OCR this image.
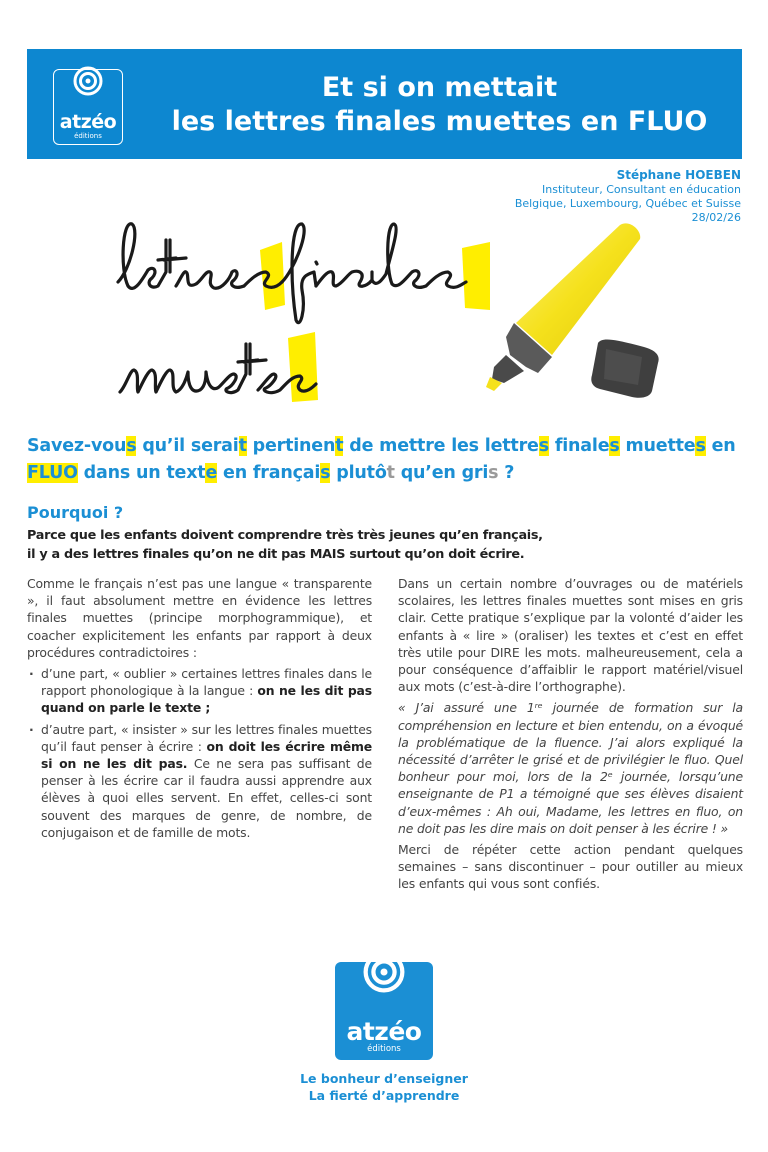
atzéo
éditions
Et si on mettait
les lettres finales muettes en FLUO
Stéphane HOEBEN
Instituteur, Consultant en éducation
Belgique, Luxembourg, Québec et Suisse
28/02/26
Savez-vous qu’il serait pertinent de mettre les lettres finales muettes en FLUO dans un texte en français plutôt qu’en gris ?
Pourquoi ?
Parce que les enfants doivent comprendre très très jeunes qu’en français,
il y a des lettres finales qu’on ne dit pas MAIS surtout qu’on doit écrire.

Comme le français n’est pas une langue « transparente », il faut absolument mettre en évidence les lettres finales muettes (principe morphogrammique), et coacher explicitement les enfants par rapport à deux procédures contradictoires :

· d’une part, « oublier » certaines lettres finales dans le rapport phonologique à la langue : on ne les dit pas quand on parle le texte ;
· d’autre part, « insister » sur les lettres finales muettes qu’il faut penser à écrire : on doit les écrire même si on ne les dit pas. Ce ne sera pas suffisant de penser à les écrire car il faudra aussi apprendre aux élèves à quoi elles servent. En effet, celles-ci sont souvent des marques de genre, de nombre, de conjugaison et de famille de mots.

Dans un certain nombre d’ouvrages ou de matériels scolaires, les lettres finales muettes sont mises en gris clair. Cette pratique s’explique par la volonté d’aider les enfants à « lire » (oraliser) les textes et c’est en effet très utile pour DIRE les mots. malheureusement, cela a pour conséquence d’affaiblir le rapport matériel/visuel aux mots (c’est-à-dire l’orthographe).

« J’ai assuré une 1ʳᵉ journée de formation sur la compréhension en lecture et bien entendu, on a évoqué la problématique de la fluence. J’ai alors expliqué la nécessité d’arrêter le grisé et de privilégier le fluo. Quel bonheur pour moi, lors de la 2ᵉ journée, lorsqu’une enseignante de P1 a témoigné que ses élèves disaient d’eux-mêmes : Ah oui, Madame, les lettres en fluo, on ne doit pas les dire mais on doit penser à les écrire ! »

Merci de répéter cette action pendant quelques semaines – sans discontinuer – pour outiller au mieux les enfants qui vous sont confiés.

atzéo
éditions
Le bonheur d’enseigner
La fierté d’apprendre
